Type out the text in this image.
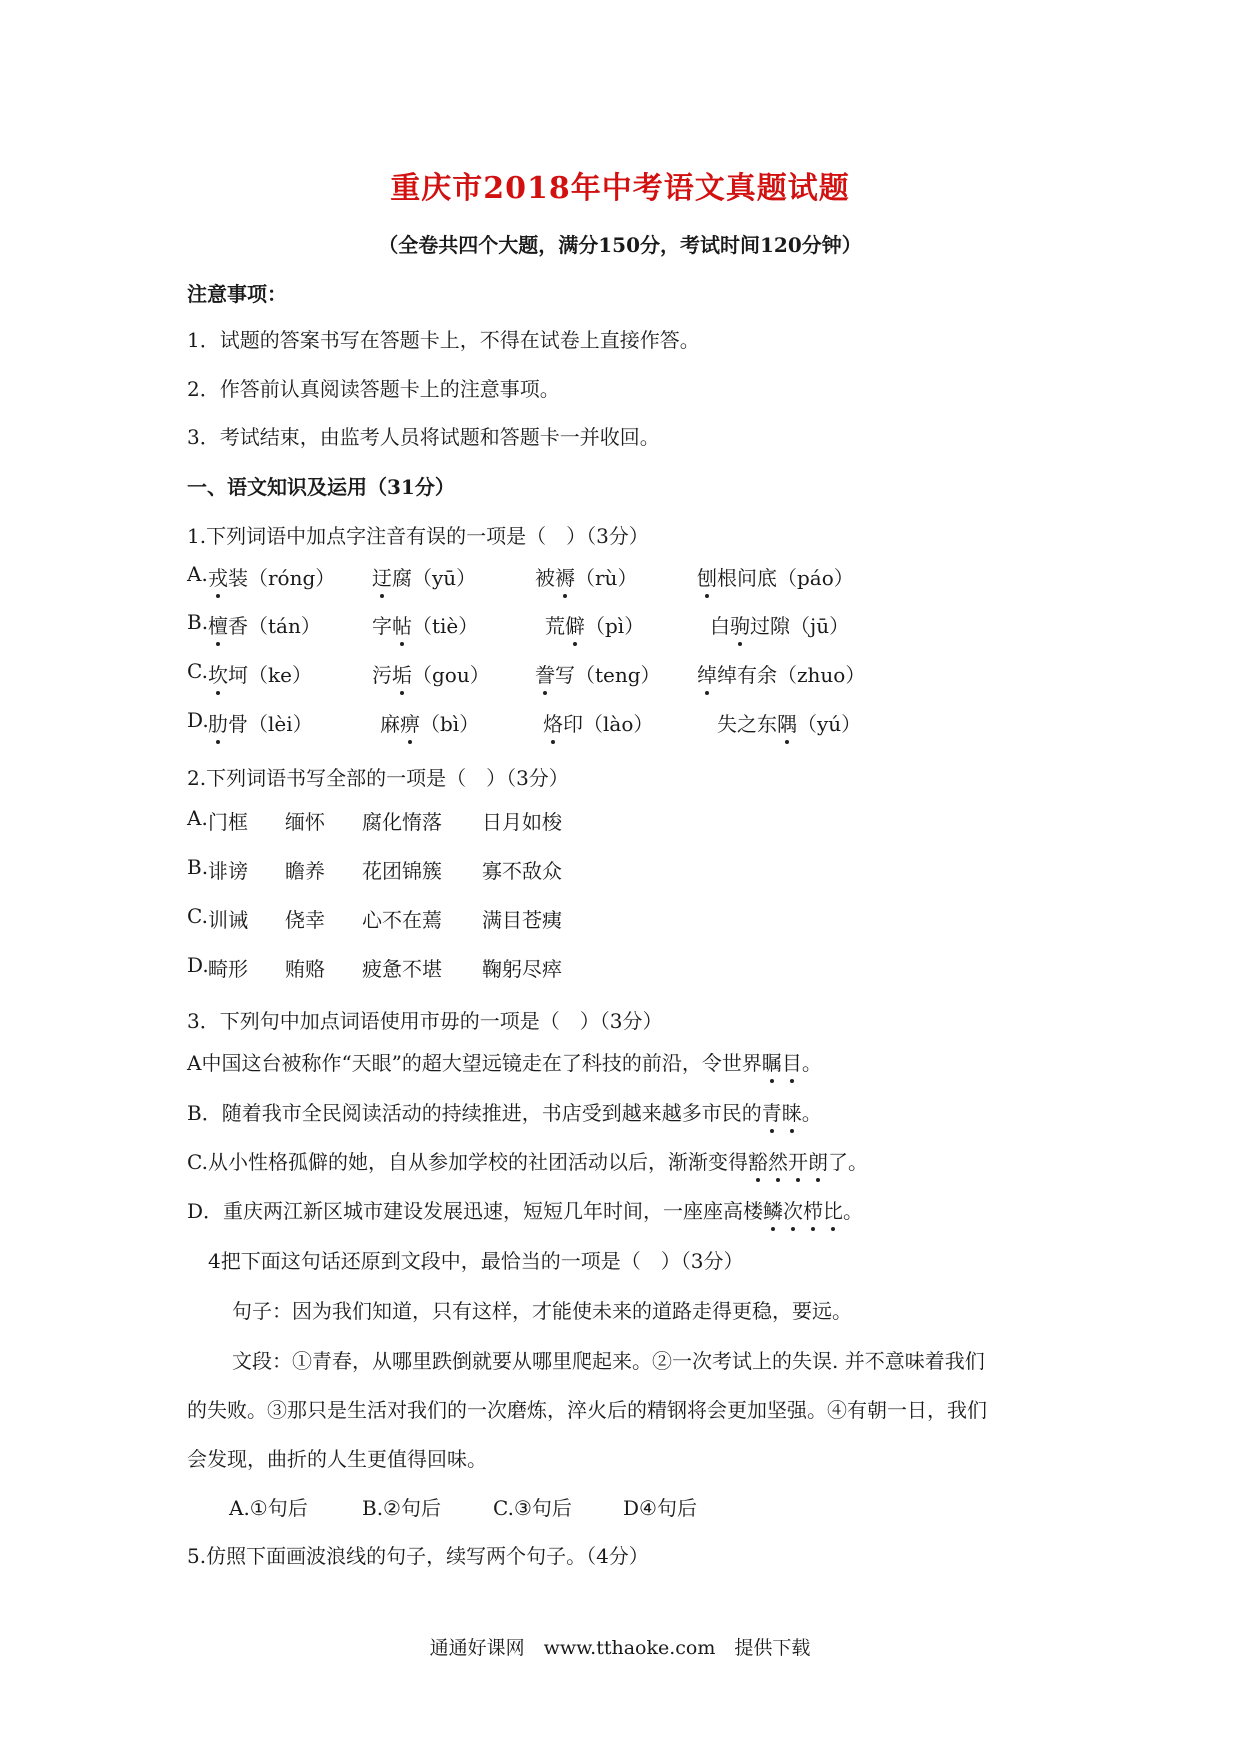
重庆市2018年中考语文真题试题
（全卷共四个大题，满分150分，考试时间120分钟）
注意事项：
1．试题的答案书写在答题卡上，不得在试卷上直接作答。
2．作答前认真阅读答题卡上的注意事项。
3．考试结束，由监考人员将试题和答题卡一并收回。
一、语文知识及运用（31分）
1.下列词语中加点字注音有误的一项是（　）（3分）
A. 戎装（róng） 迂腐（yū）	被褥（rù）	刨根问底（páo）
B. 檀香（tán）	字帖（tiè）	荒僻（pì）	白驹过隙（jū）
C. 坎坷（ke）	污垢（gou） 誊写（teng） 绰绰有余（zhuo）
D. 肋骨（lèi）	麻痹（bì）	烙印（lào）	失之东隅（yú）
2.下列词语书写全部的一项是（　）（3分）
A. 门框 缅怀 腐化惰落 日月如梭
B. 诽谤 瞻养 花团锦簇 寡不敌众
C. 训诫 侥幸 心不在蔫 满目苍痍
D. 畸形 贿赂 疲惫不堪 鞠躬尽瘁
3．下列句中加点词语使用市毋的一项是（　）（3分）
A中国这台被称作“天眼”的超大望远镜走在了科技的前沿，令世界瞩目。
B．随着我市全民阅读活动的持续推进，书店受到越来越多市民的青睐。
C.从小性格孤僻的她，自从参加学校的社团活动以后，渐渐变得豁然开朗了。
D．重庆两江新区城市建设发展迅速，短短几年时间，一座座高楼鳞次栉比。
4把下面这句话还原到文段中，最恰当的一项是（　）（3分）
句子：因为我们知道，只有这样，才能使未来的道路走得更稳，要远。
文段：①青春，从哪里跌倒就要从哪里爬起来。②一次考试上的失误. 并不意味着我们
的失败。③那只是生活对我们的一次磨炼，淬火后的精钢将会更加坚强。④有朝一日，我们
会发现，曲折的人生更值得回味。
A.①句后	B.②句后	C.③句后	D④句后
5.仿照下面画波浪线的句子，续写两个句子。（4分）
通通好课网　www.tthaoke.com　提供下载
